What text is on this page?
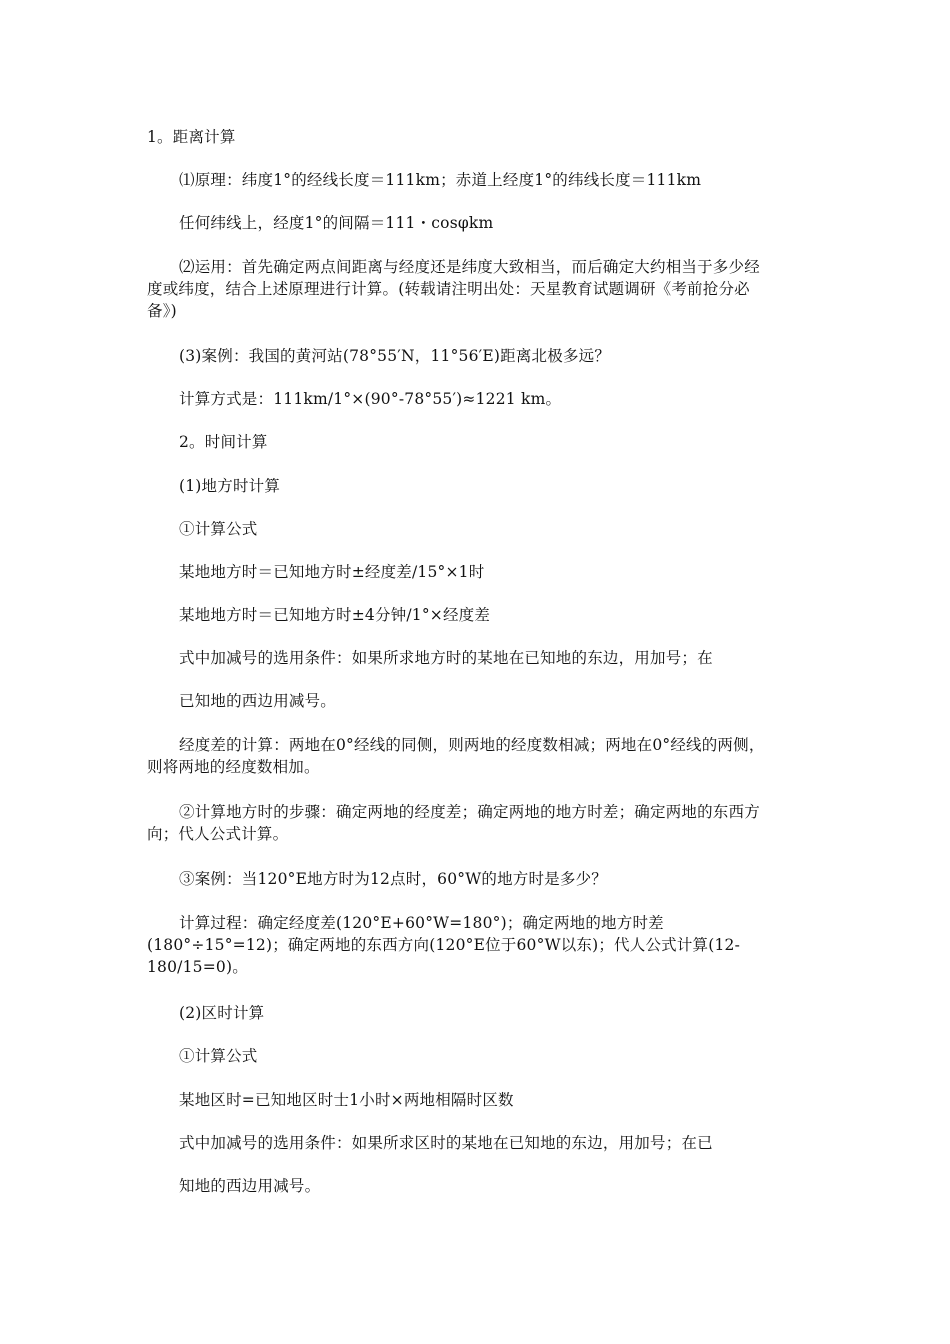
1。距离计算
⑴原理：纬度1°的经线长度＝111km；赤道上经度1°的纬线长度＝111km
任何纬线上，经度1°的间隔＝111・cosφkm
⑵运用：首先确定两点间距离与经度还是纬度大致相当，而后确定大约相当于多少经
度或纬度，结合上述原理进行计算。(转载请注明出处：天星教育试题调研《考前抢分必
备》)
(3)案例：我国的黄河站(78°55′N，11°56′E)距离北极多远？
计算方式是：111km/1°×(90°-78°55′)≈1221 km。
2。时间计算
(1)地方时计算
①计算公式
某地地方时＝已知地方时±经度差/15°×1时
某地地方时＝已知地方时±4分钟/1°×经度差
式中加减号的选用条件：如果所求地方时的某地在已知地的东边，用加号；在
已知地的西边用减号。
经度差的计算：两地在0°经线的同侧，则两地的经度数相减；两地在0°经线的两侧，
则将两地的经度数相加。
②计算地方时的步骤：确定两地的经度差；确定两地的地方时差；确定两地的东西方
向；代人公式计算。
③案例：当120°E地方时为12点时，60°W的地方时是多少？
计算过程：确定经度差(120°E+60°W=180°)；确定两地的地方时差
(180°÷15°=12)；确定两地的东西方向(120°E位于60°W以东)；代人公式计算(12-
180/15=0)。
(2)区时计算
①计算公式
某地区时=已知地区时士1小时×两地相隔时区数
式中加减号的选用条件：如果所求区时的某地在已知地的东边，用加号；在已
知地的西边用减号。
